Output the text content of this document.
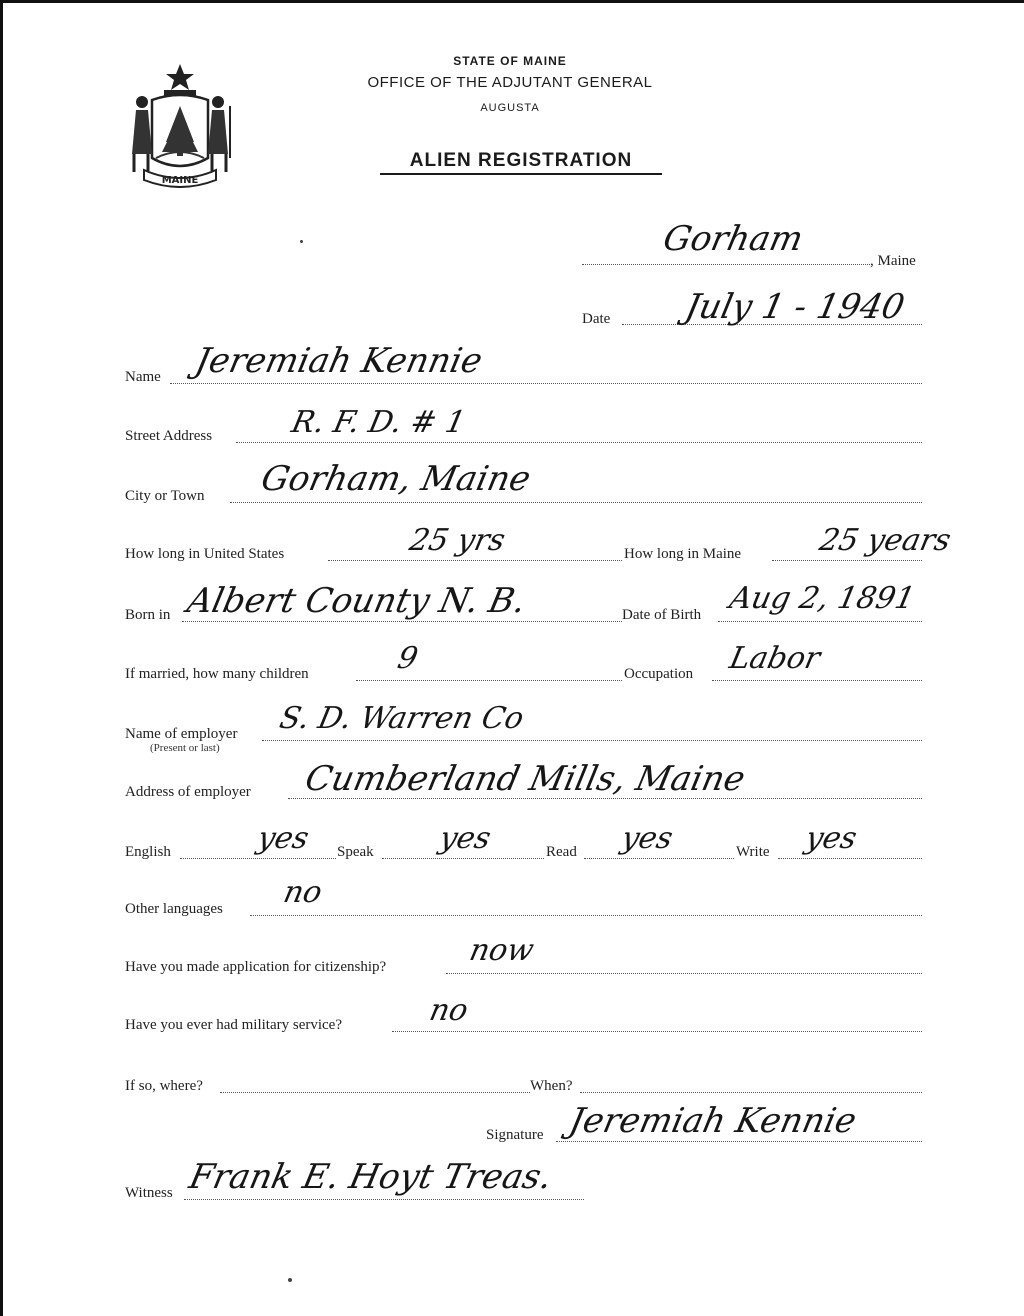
MAINE
STATE OF MAINE
OFFICE OF THE ADJUTANT GENERAL
AUGUSTA
ALIEN REGISTRATION
, Maine
Gorham
Date July 1 - 1940
Name Jeremiah Kennie
Street Address	R. F. D. # 1
City or Town Gorham, Maine
How long in United States	25 yrs	How long in Maine	25 years
Born in Albert County N. B.	Date of Birth Aug 2, 1891
If married, how many children	9	Occupation Labor
Name of employer
(Present or last)
S. D. Warren Co
Address of employer Cumberland Mills, Maine
English	yes Speak yes	Read yes	Write yes
Other languages no
Have you made application for citizenship?	now
Have you ever had military service?	no
If so, where?	When?
Signature Jeremiah Kennie
Witness Frank E. Hoyt Treas.
